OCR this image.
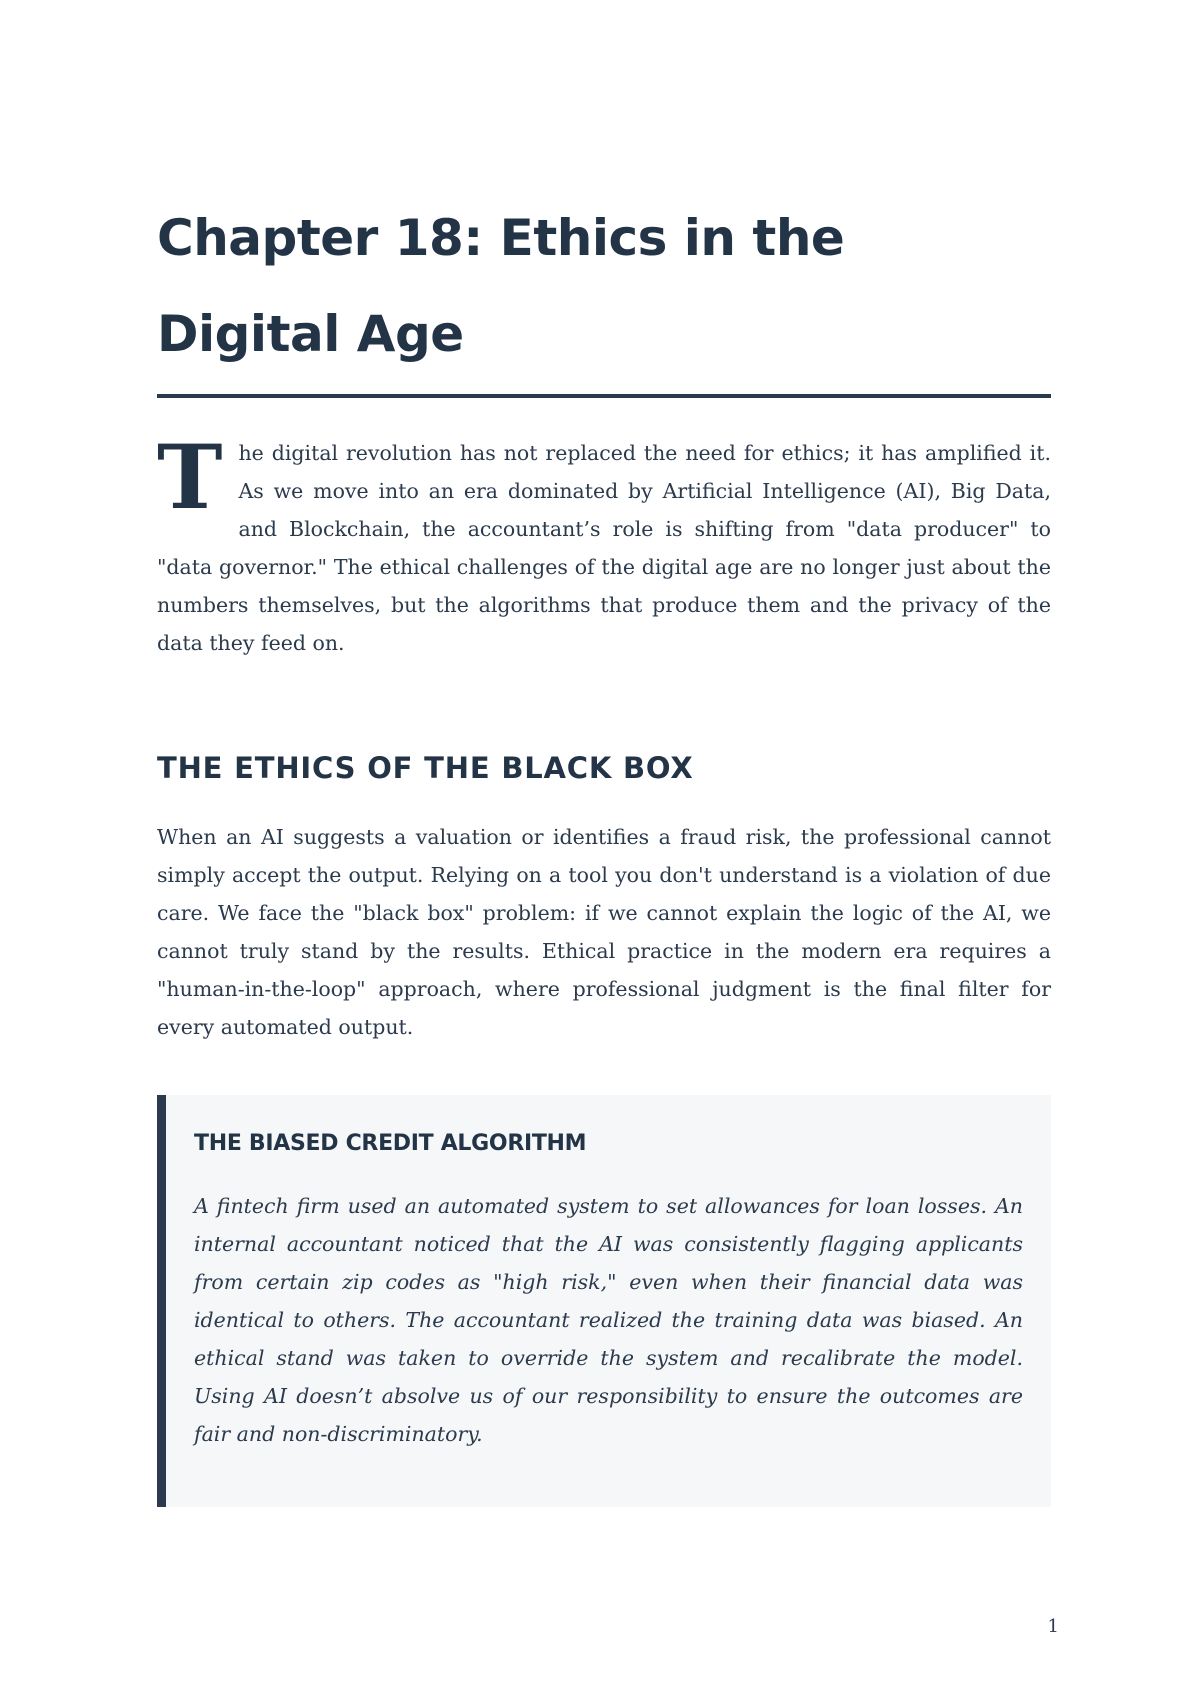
Chapter 18: Ethics in the
Digital Age

The digital revolution has not replaced the need for ethics; it has amplified it. As we move into an era dominated by Artificial Intelligence (AI), Big Data, and Blockchain, the accountant’s role is shifting from "data producer" to "data governor." The ethical challenges of the digital age are no longer just about the numbers themselves, but the algorithms that produce them and the privacy of the data they feed on.

THE ETHICS OF THE BLACK BOX

When an AI suggests a valuation or identifies a fraud risk, the professional cannot simply accept the output. Relying on a tool you don't understand is a violation of due care. We face the "black box" problem: if we cannot explain the logic of the AI, we cannot truly stand by the results. Ethical practice in the modern era requires a "human-in-the-loop" approach, where professional judgment is the final filter for every automated output.

THE BIASED CREDIT ALGORITHM

A fintech firm used an automated system to set allowances for loan losses. An internal accountant noticed that the AI was consistently flagging applicants from certain zip codes as "high risk," even when their financial data was identical to others. The accountant realized the training data was biased. An ethical stand was taken to override the system and recalibrate the model. Using AI doesn’t absolve us of our responsibility to ensure the outcomes are fair and non-discriminatory.

1
